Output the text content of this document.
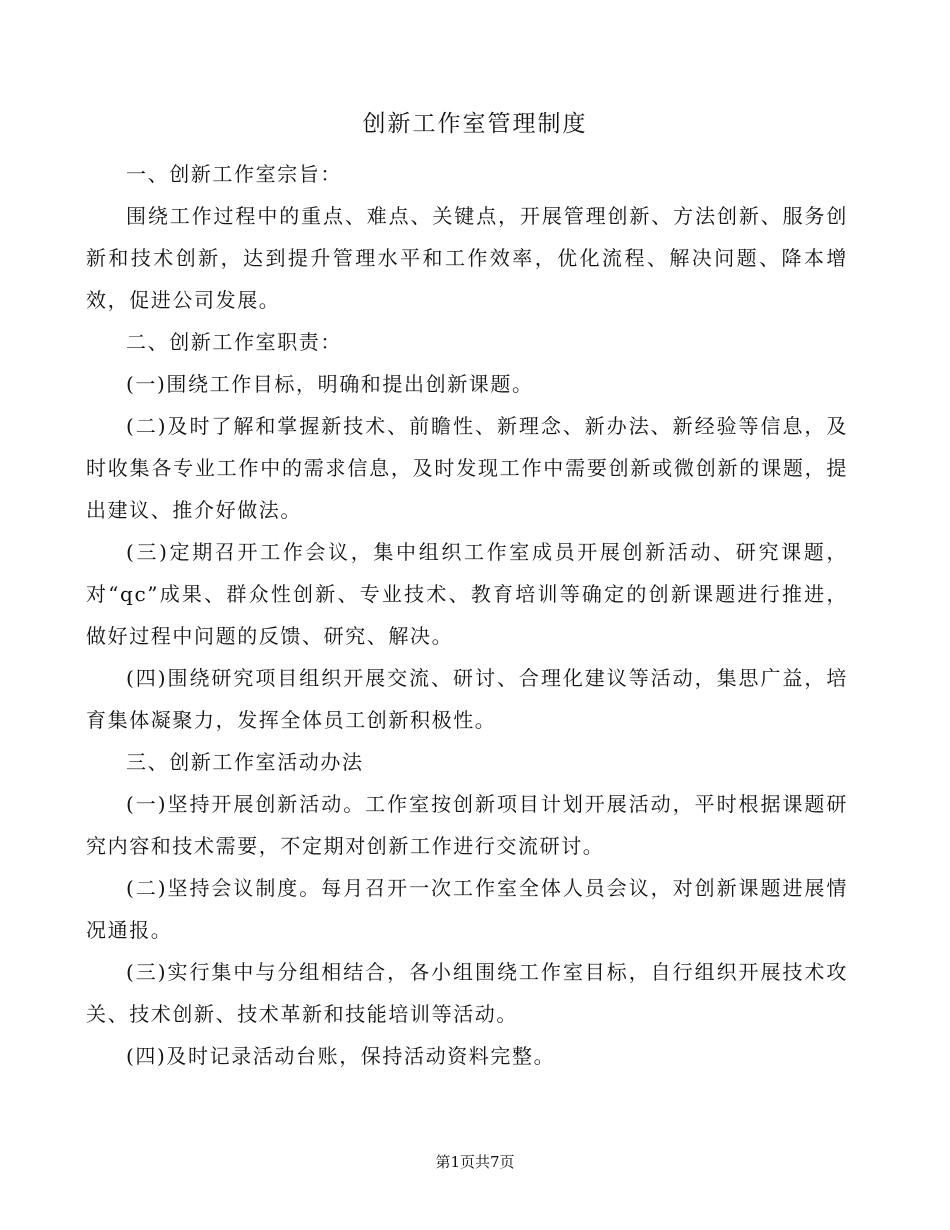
创新工作室管理制度

一、创新工作室宗旨：

围绕工作过程中的重点、难点、关键点，开展管理创新、方法创新、服务创新和技术创新，达到提升管理水平和工作效率，优化流程、解决问题、降本增效，促进公司发展。

二、创新工作室职责：

(一)围绕工作目标，明确和提出创新课题。

(二)及时了解和掌握新技术、前瞻性、新理念、新办法、新经验等信息，及时收集各专业工作中的需求信息，及时发现工作中需要创新或微创新的课题，提出建议、推介好做法。

(三)定期召开工作会议，集中组织工作室成员开展创新活动、研究课题，对“qc”成果、群众性创新、专业技术、教育培训等确定的创新课题进行推进，做好过程中问题的反馈、研究、解决。

(四)围绕研究项目组织开展交流、研讨、合理化建议等活动，集思广益，培育集体凝聚力，发挥全体员工创新积极性。

三、创新工作室活动办法

(一)坚持开展创新活动。工作室按创新项目计划开展活动，平时根据课题研究内容和技术需要，不定期对创新工作进行交流研讨。

(二)坚持会议制度。每月召开一次工作室全体人员会议，对创新课题进展情况通报。

(三)实行集中与分组相结合，各小组围绕工作室目标，自行组织开展技术攻关、技术创新、技术革新和技能培训等活动。

(四)及时记录活动台账，保持活动资料完整。

第1页共7页
